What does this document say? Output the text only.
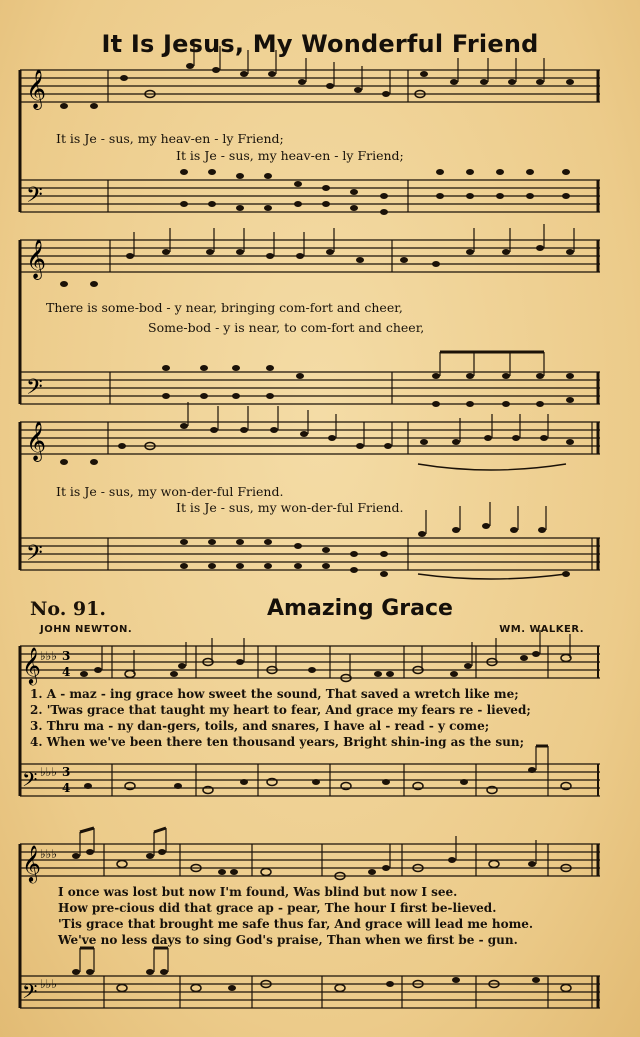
It Is Jesus, My Wonderful Friend
𝄞
𝄢
It is Je - sus, my heav-en - ly Friend;
It is Je - sus, my heav-en - ly Friend;
𝄞
𝄢
There is some-bod - y near, bringing com-fort and cheer,
Some-bod - y is near, to com-fort and cheer,
𝄞
𝄢
It is Je - sus, my won-der-ful Friend.
It is Je - sus, my won-der-ful Friend.
No. 91.	Amazing Grace
JOHN NEWTON.	WM. WALKER.
𝄞
𝄢
♭♭♭
♭♭♭
3
4
3
4
1. A - maz - ing grace how sweet the sound, That saved a wretch like me;
2. 'Twas grace that taught my heart to fear, And grace my fears re - lieved;
3. Thru ma - ny dan-gers, toils, and snares, I have al - read - y come;
4. When we've been there ten thousand years, Bright shin-ing as the sun;
𝄞
𝄢
♭♭♭
♭♭♭
I once was lost but now I'm found, Was blind but now I see.
How pre-cious did that grace ap - pear, The hour I first be-lieved.
'Tis grace that brought me safe thus far, And grace will lead me home.
We've no less days to sing God's praise, Than when we first be - gun.
